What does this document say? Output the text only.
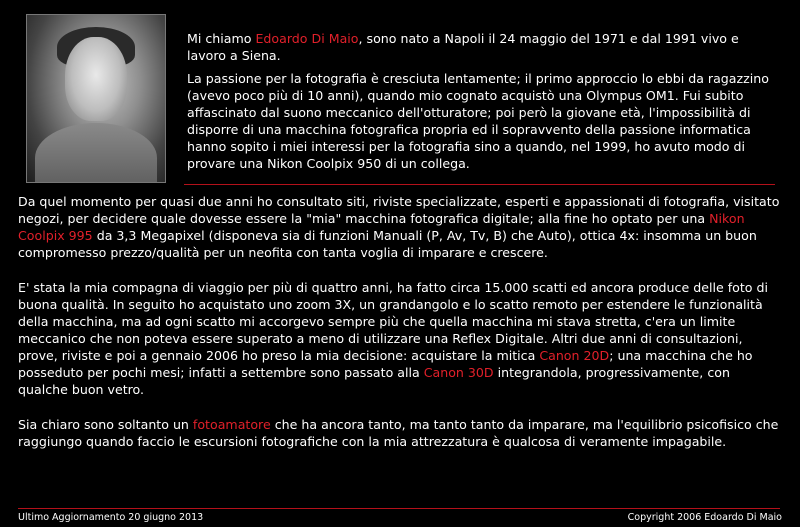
Mi chiamo Edoardo Di Maio, sono nato a Napoli il 24 maggio del 1971 e dal 1991 vivo e lavoro a Siena.

La passione per la fotografia è cresciuta lentamente; il primo approccio lo ebbi da ragazzino (avevo poco più di 10 anni), quando mio cognato acquistò una Olympus OM1. Fui subito affascinato dal suono meccanico dell'otturatore; poi però la giovane età, l'impossibilità di disporre di una macchina fotografica propria ed il sopravvento della passione informatica hanno sopito i miei interessi per la fotografia sino a quando, nel 1999, ho avuto modo di provare una Nikon Coolpix 950 di un collega.

Da quel momento per quasi due anni ho consultato siti, riviste specializzate, esperti e appassionati di fotografia, visitato negozi, per decidere quale dovesse essere la "mia" macchina fotografica digitale; alla fine ho optato per una Nikon Coolpix 995 da 3,3 Megapixel (disponeva sia di funzioni Manuali (P, Av, Tv, B) che Auto), ottica 4x: insomma un buon compromesso prezzo/qualità per un neofita con tanta voglia di imparare e crescere.

E' stata la mia compagna di viaggio per più di quattro anni, ha fatto circa 15.000 scatti ed ancora produce delle foto di buona qualità. In seguito ho acquistato uno zoom 3X, un grandangolo e lo scatto remoto per estendere le funzionalità della macchina, ma ad ogni scatto mi accorgevo sempre più che quella macchina mi stava stretta, c'era un limite meccanico che non poteva essere superato a meno di utilizzare una Reflex Digitale. Altri due anni di consultazioni, prove, riviste e poi a gennaio 2006 ho preso la mia decisione: acquistare la mitica Canon 20D; una macchina che ho posseduto per pochi mesi; infatti a settembre sono passato alla Canon 30D integrandola, progressivamente, con qualche buon vetro.

Sia chiaro sono soltanto un fotoamatore che ha ancora tanto, ma tanto tanto da imparare, ma l'equilibrio psicofisico che raggiungo quando faccio le escursioni fotografiche con la mia attrezzatura è qualcosa di veramente impagabile.

Ultimo Aggiornamento 20 giugno 2013	Copyright 2006 Edoardo Di Maio
